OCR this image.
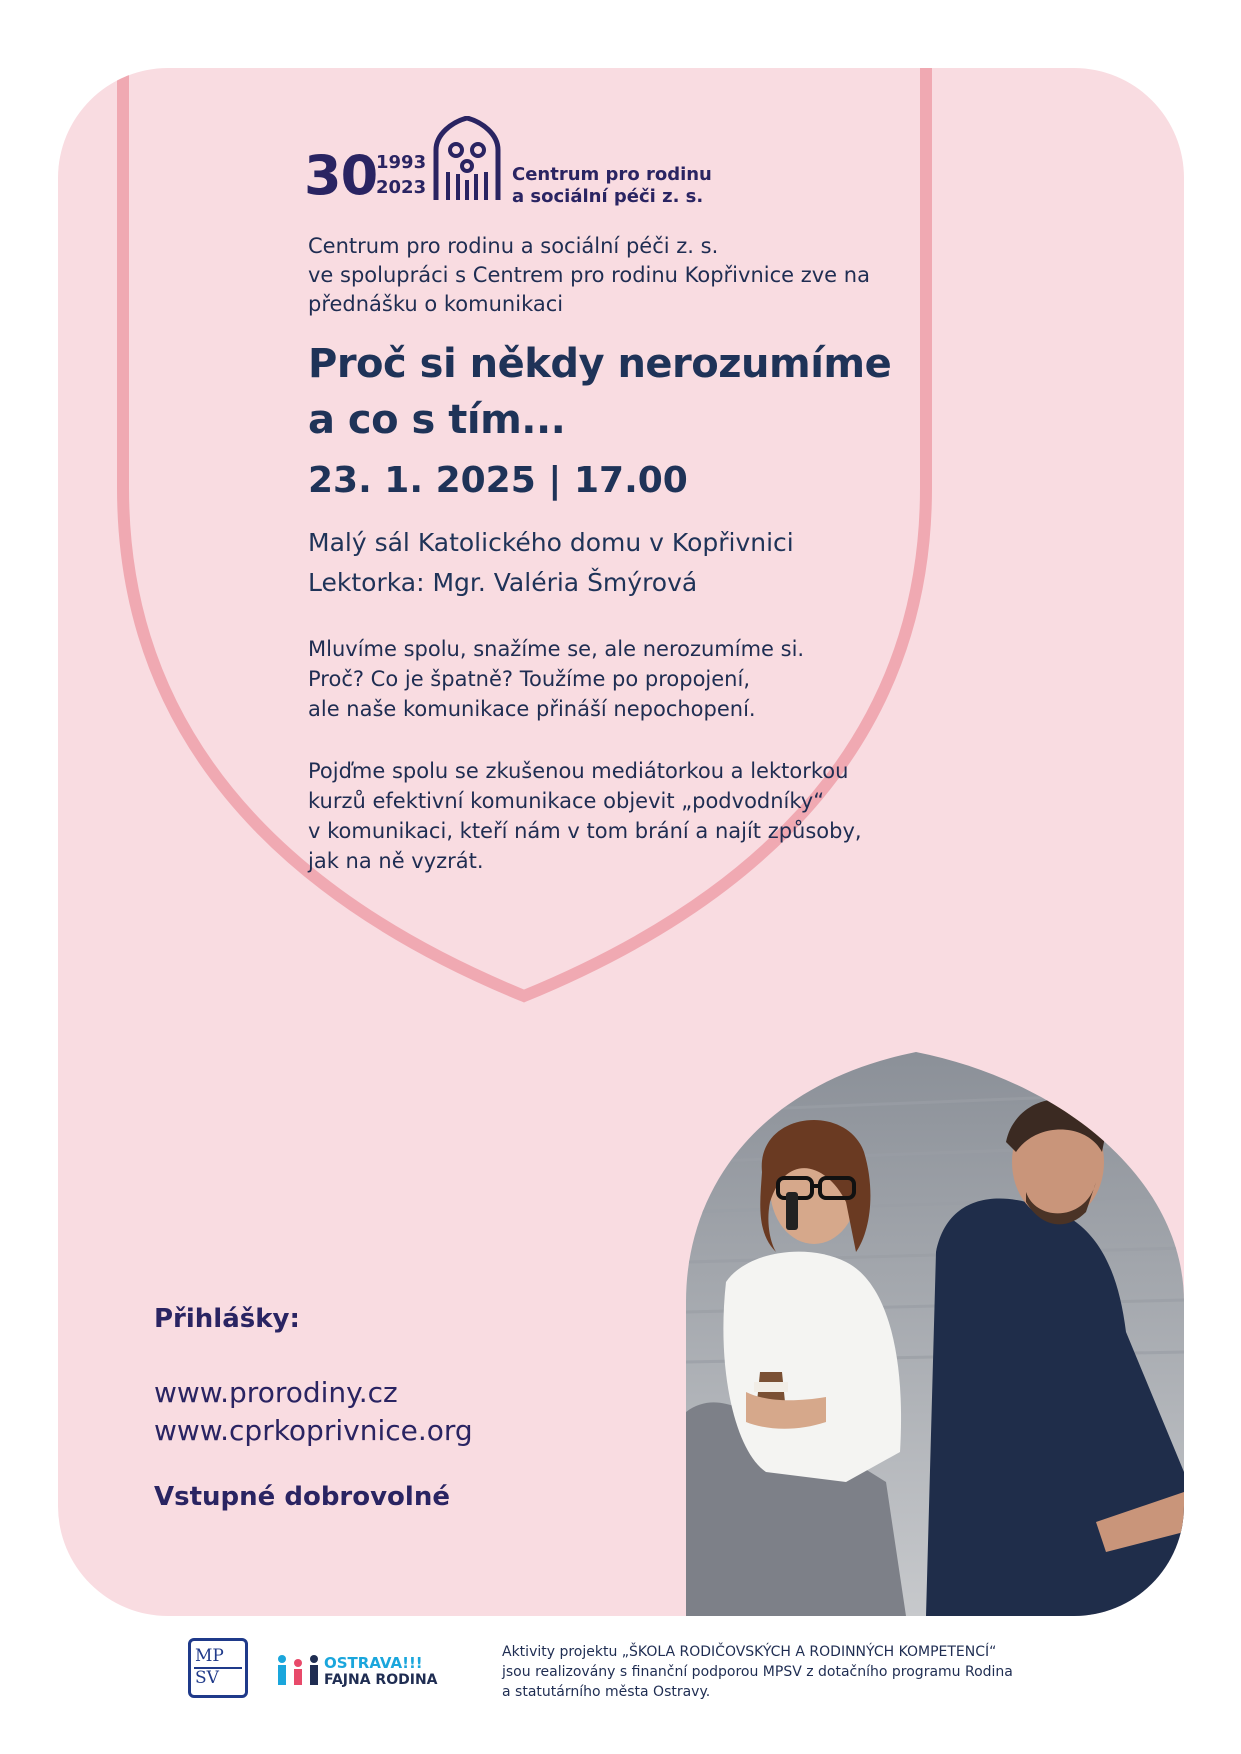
30
1993
2023
Centrum pro rodinu
a sociální péči z. s.
Centrum pro rodinu a sociální péči z. s.
ve spolupráci s Centrem pro rodinu Kopřivnice zve na
přednášku o komunikaci
Proč si někdy nerozumíme
a co s tím...
23. 1. 2025 | 17.00
Malý sál Katolického domu v Kopřivnici
Lektorka: Mgr. Valéria Šmýrová
Mluvíme spolu, snažíme se, ale nerozumíme si.
Proč? Co je špatně? Toužíme po propojení,
ale naše komunikace přináší nepochopení.
Pojďme spolu se zkušenou mediátorkou a lektorkou
kurzů efektivní komunikace objevit „podvodníky“
v komunikaci, kteří nám v tom brání a najít způsoby,
jak na ně vyzrát.
Přihlášky:
www.prorodiny.cz
www.cprkoprivnice.org
Vstupné dobrovolné
MP
SV
OSTRAVA!!!
FAJNA RODINA
Aktivity projektu „ŠKOLA RODIČOVSKÝCH A RODINNÝCH KOMPETENCÍ“
jsou realizovány s finanční podporou MPSV z dotačního programu Rodina
a statutárního města Ostravy.
